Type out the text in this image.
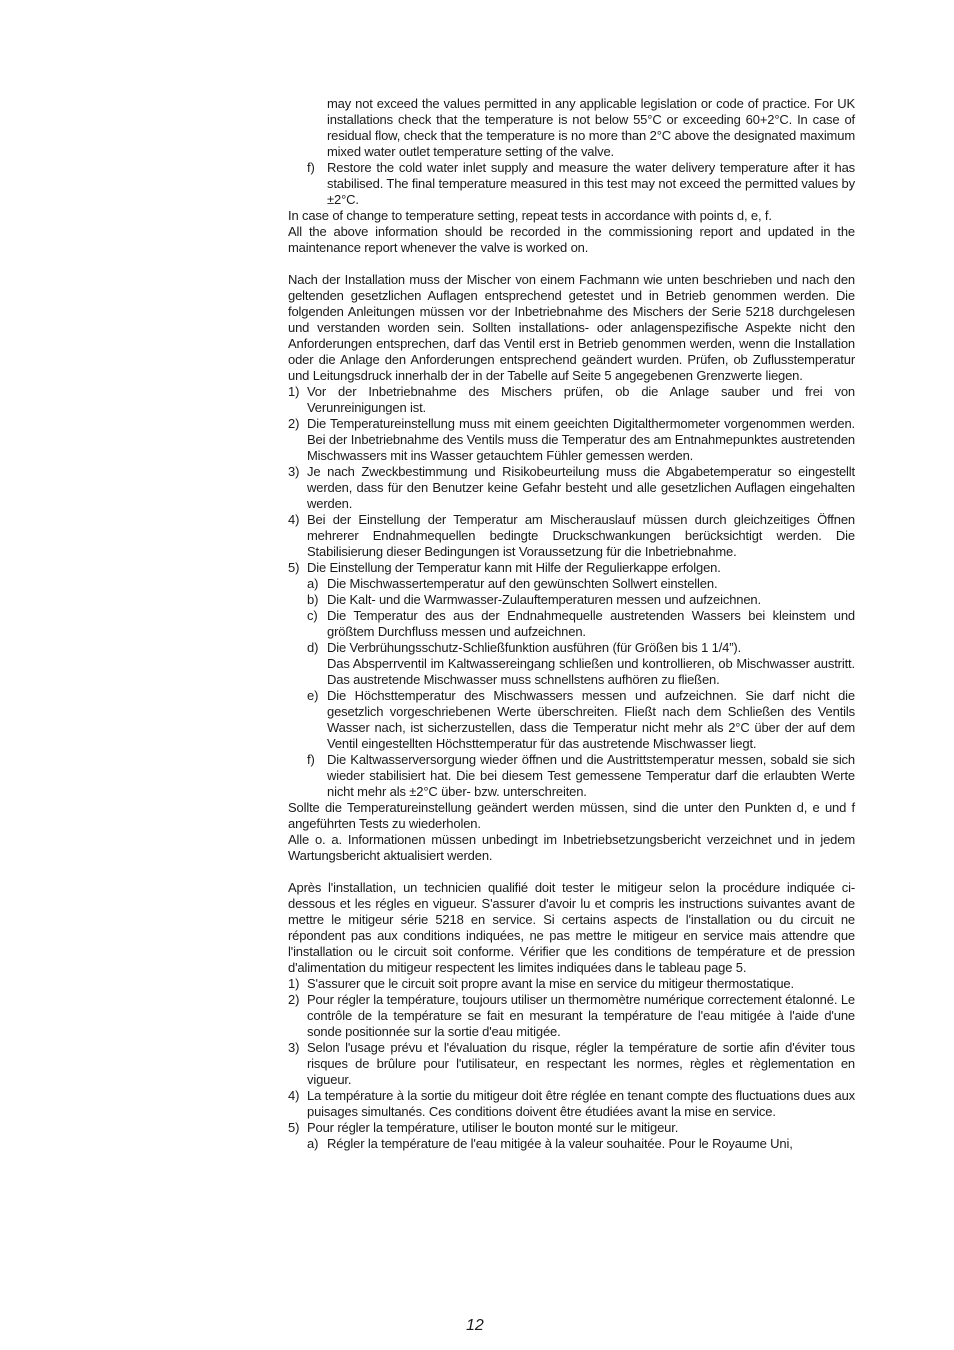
may not exceed the values permitted in any applicable legislation or code of practice. For UK installations check that the temperature is not below 55°C or exceeding 60+2°C. In case of residual flow, check that the temperature is no more than 2°C above the designated maximum mixed water outlet temperature setting of the valve.

f) Restore the cold water inlet supply and measure the water delivery temperature after it has stabilised. The final temperature measured in this test may not exceed the permitted values by ±2°C.

In case of change to temperature setting, repeat tests in accordance with points d, e, f.

All the above information should be recorded in the commissioning report and updated in the maintenance report whenever the valve is worked on.

Nach der Installation muss der Mischer von einem Fachmann wie unten beschrieben und nach den geltenden gesetzlichen Auflagen entsprechend getestet und in Betrieb genommen werden. Die folgenden Anleitungen müssen vor der Inbetriebnahme des Mischers der Serie 5218 durchgelesen und verstanden worden sein. Sollten installations- oder anlagenspezifische Aspekte nicht den Anforderungen entsprechen, darf das Ventil erst in Betrieb genommen werden, wenn die Installation oder die Anlage den Anforderungen entsprechend geändert wurden. Prüfen, ob Zuflusstemperatur und Leitungsdruck innerhalb der in der Tabelle auf Seite 5 angegebenen Grenzwerte liegen.

1) Vor der Inbetriebnahme des Mischers prüfen, ob die Anlage sauber und frei von Verunreinigungen ist.

2) Die Temperatureinstellung muss mit einem geeichten Digitalthermometer vorgenommen werden. Bei der Inbetriebnahme des Ventils muss die Temperatur des am Entnahmepunktes austretenden Mischwassers mit ins Wasser getauchtem Fühler gemessen werden.

3) Je nach Zweckbestimmung und Risikobeurteilung muss die Abgabetemperatur so eingestellt werden, dass für den Benutzer keine Gefahr besteht und alle gesetzlichen Auflagen eingehalten werden.

4) Bei der Einstellung der Temperatur am Mischerauslauf müssen durch gleichzeitiges Öffnen mehrerer Endnahmequellen bedingte Druckschwankungen berücksichtigt werden. Die Stabilisierung dieser Bedingungen ist Voraussetzung für die Inbetriebnahme.

5) Die Einstellung der Temperatur kann mit Hilfe der Regulierkappe erfolgen.

a) Die Mischwassertemperatur auf den gewünschten Sollwert einstellen.

b) Die Kalt- und die Warmwasser-Zulauftemperaturen messen und aufzeichnen.

c) Die Temperatur des aus der Endnahmequelle austretenden Wassers bei kleinstem und größtem Durchfluss messen und aufzeichnen.

d) Die Verbrühungsschutz-Schließfunktion ausführen (für Größen bis 1 1/4”).

Das Absperrventil im Kaltwassereingang schließen und kontrollieren, ob Mischwasser austritt. Das austretende Mischwasser muss schnellstens aufhören zu fließen.

e) Die Höchsttemperatur des Mischwassers messen und aufzeichnen. Sie darf nicht die gesetzlich vorgeschriebenen Werte überschreiten. Fließt nach dem Schließen des Ventils Wasser nach, ist sicherzustellen, dass die Temperatur nicht mehr als 2°C über der auf dem Ventil eingestellten Höchsttemperatur für das austretende Mischwasser liegt.

f) Die Kaltwasserversorgung wieder öffnen und die Austrittstemperatur messen, sobald sie sich wieder stabilisiert hat. Die bei diesem Test gemessene Temperatur darf die erlaubten Werte nicht mehr als ±2°C über- bzw. unterschreiten.

Sollte die Temperatureinstellung geändert werden müssen, sind die unter den Punkten d, e und f angeführten Tests zu wiederholen.

Alle o. a. Informationen müssen unbedingt im Inbetriebsetzungsbericht verzeichnet und in jedem Wartungsbericht aktualisiert werden.

Après l'installation, un technicien qualifié doit tester le mitigeur selon la procédure indiquée ci-dessous et les régles en vigueur. S'assurer d'avoir lu et compris les instructions suivantes avant de mettre le mitigeur série 5218 en service. Si certains aspects de l'installation ou du circuit ne répondent pas aux conditions indiquées, ne pas mettre le mitigeur en service mais attendre que l'installation ou le circuit soit conforme. Vérifier que les conditions de température et de pression d'alimentation du mitigeur respectent les limites indiquées dans le tableau page 5.

1) S'assurer que le circuit soit propre avant la mise en service du mitigeur thermostatique.

2) Pour régler la température, toujours utiliser un thermomètre numérique correctement étalonné. Le contrôle de la température se fait en mesurant la température de l'eau mitigée à l'aide d'une sonde positionnée sur la sortie d'eau mitigée.

3) Selon l'usage prévu et l'évaluation du risque, régler la température de sortie afin d'éviter tous risques de brûlure pour l'utilisateur, en respectant les normes, règles et règlementation en vigueur.

4) La température à la sortie du mitigeur doit être réglée en tenant compte des fluctuations dues aux puisages simultanés. Ces conditions doivent être étudiées avant la mise en service.

5) Pour régler la température, utiliser le bouton monté sur le mitigeur.

a) Régler la température de l'eau mitigée à la valeur souhaitée. Pour le Royaume Uni,

12
